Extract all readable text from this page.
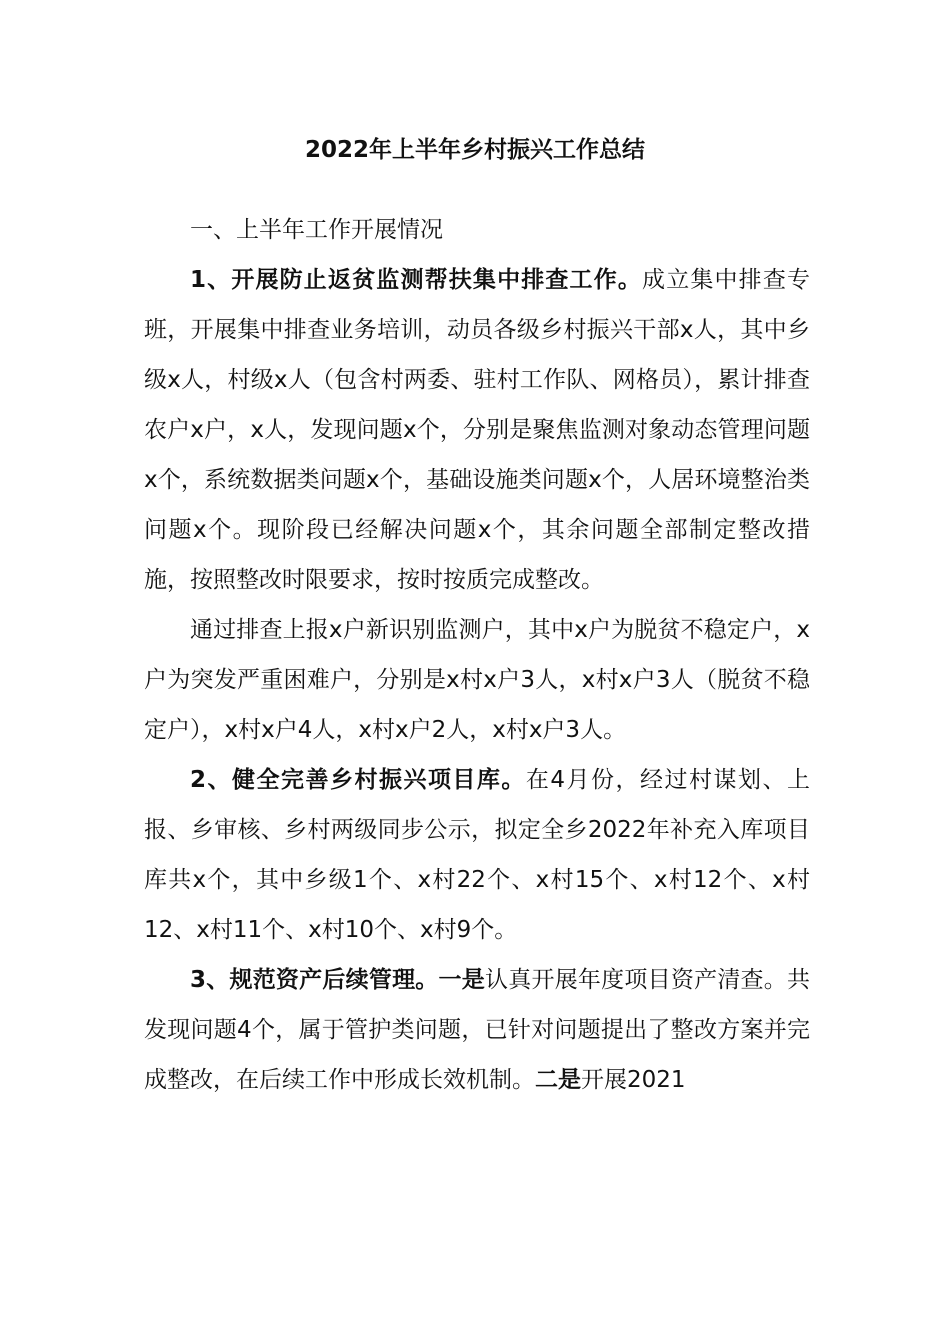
2022年上半年乡村振兴工作总结

一、上半年工作开展情况

1、开展防止返贫监测帮扶集中排查工作。成立集中排查专班，开展集中排查业务培训，动员各级乡村振兴干部x人，其中乡级x人，村级x人（包含村两委、驻村工作队、网格员），累计排查农户x户，x人，发现问题x个，分别是聚焦监测对象动态管理问题x个，系统数据类问题x个，基础设施类问题x个，人居环境整治类问题x个。现阶段已经解决问题x个，其余问题全部制定整改措施，按照整改时限要求，按时按质完成整改。

通过排查上报x户新识别监测户，其中x户为脱贫不稳定户，x户为突发严重困难户，分别是x村x户3人，x村x户3人（脱贫不稳定户），x村x户4人，x村x户2人，x村x户3人。

2、健全完善乡村振兴项目库。在4月份，经过村谋划、上报、乡审核、乡村两级同步公示，拟定全乡2022年补充入库项目库共x个，其中乡级1个、x村22个、x村15个、x村12个、x村12、x村11个、x村10个、x村9个。

3、规范资产后续管理。一是认真开展年度项目资产清查。共发现问题4个，属于管护类问题，已针对问题提出了整改方案并完成整改，在后续工作中形成长效机制。二是开展2021
